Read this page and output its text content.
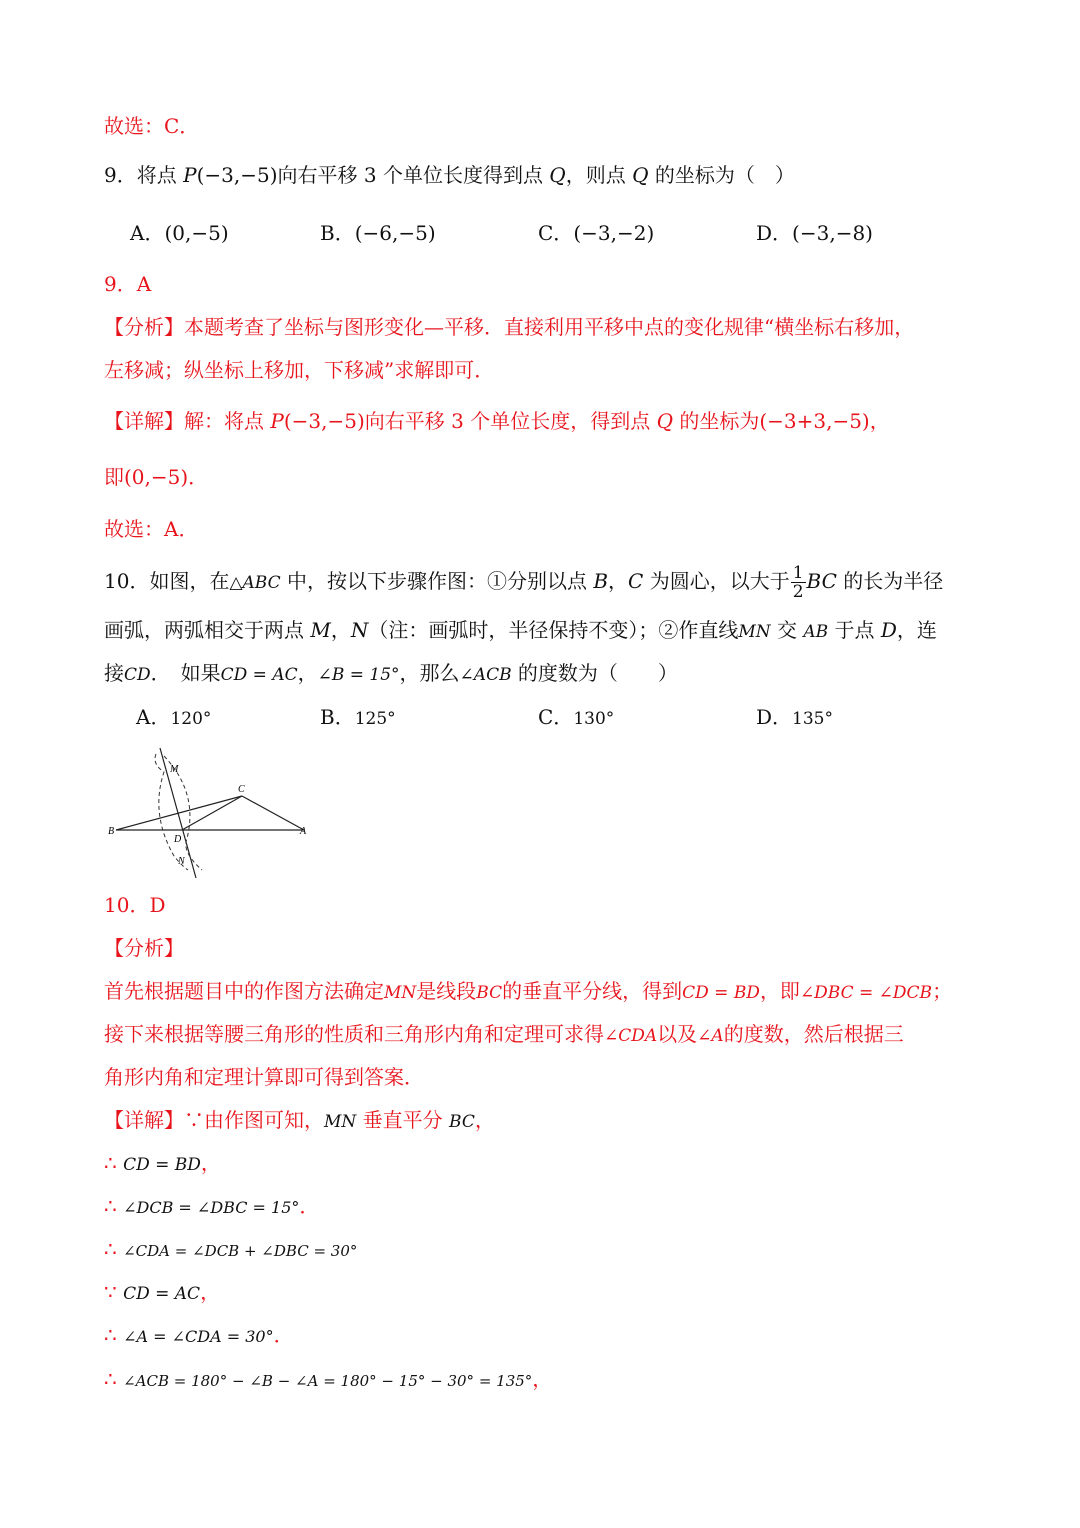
故选：C．
9．将点 P(−3,−5)向右平移 3 个单位长度得到点 Q，则点 Q 的坐标为（　）
A．(0,−5)	B．(−6,−5)	C．(−3,−2)	D．(−3,−8)
9．A
【分析】本题考查了坐标与图形变化—平移．直接利用平移中点的变化规律“横坐标右移加，
左移减；纵坐标上移加，下移减”求解即可．
【详解】解：将点 P(−3,−5)向右平移 3 个单位长度，得到点 Q 的坐标为(−3+3,−5)，
即(0,−5)．
故选：A．
10．如图，在△ABC 中，按以下步骤作图：①分别以点 B，C 为圆心，以大于 $\frac{1}{2}$ BC 的长为半径
画弧，两弧相交于两点 M，N（注：画弧时，半径保持不变）；②作直线MN 交 AB 于点 D，连
接CD．　如果CD = AC，∠B = 15°，那么∠ACB 的度数为（　　）
A．120°	B．125°	C．130°	D．135°
M
B	A
C
D
N
10．D
【分析】
首先根据题目中的作图方法确定MN是线段BC的垂直平分线，得到CD = BD，即∠DBC = ∠DCB；
接下来根据等腰三角形的性质和三角形内角和定理可求得∠CDA以及∠A的度数，然后根据三
角形内角和定理计算即可得到答案．
【详解】∵由作图可知，MN 垂直平分 BC，
∴ CD = BD，
∴ ∠DCB = ∠DBC = 15°．
∴ ∠CDA = ∠DCB + ∠DBC = 30°
∵ CD = AC，
∴ ∠A = ∠CDA = 30°．
∴ ∠ACB = 180° − ∠B − ∠A = 180° − 15° − 30° = 135°，
